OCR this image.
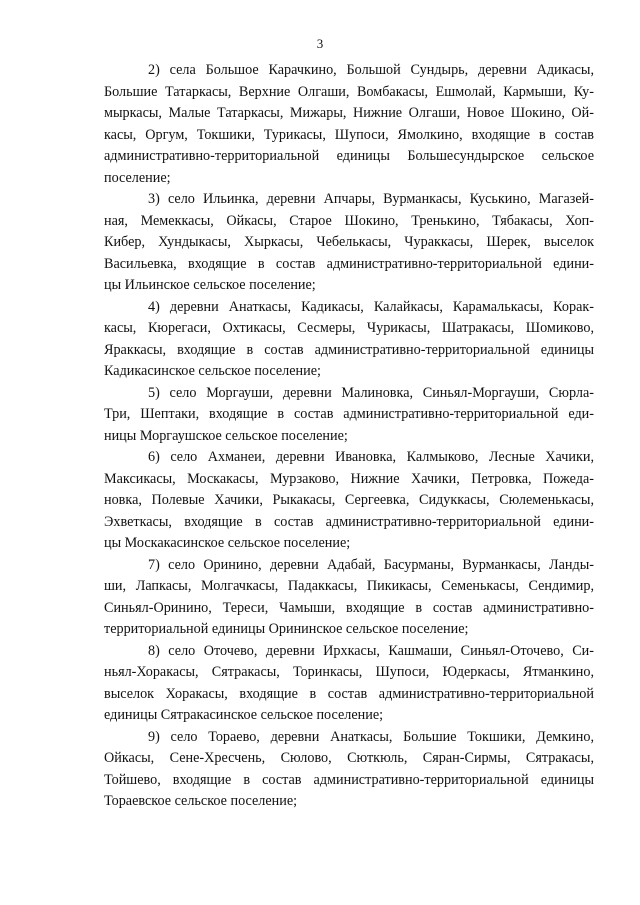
3
2) села Большое Карачкино, Большой Сундырь, деревни Адикасы,
Большие Татаркасы, Верхние Олгаши, Вомбакасы, Ешмолай, Кармыши, Ку-
мыркасы, Малые Татаркасы, Мижары, Нижние Олгаши, Новое Шокино, Ой-
касы, Оргум, Токшики, Турикасы, Шупоси, Ямолкино, входящие в состав
административно-территориальной единицы Большесундырское сельское
поселение;
3) село Ильинка, деревни Апчары, Вурманкасы, Куськино, Магазей-
ная, Мемеккасы, Ойкасы, Старое Шокино, Тренькино, Тябакасы, Хоп-
Кибер, Хундыкасы, Хыркасы, Чебелькасы, Чураккасы, Шерек, выселок
Васильевка, входящие в состав административно-территориальной едини-
цы Ильинское сельское поселение;
4) деревни Анаткасы, Кадикасы, Калайкасы, Карамалькасы, Корак-
касы, Кюрегаси, Охтикасы, Сесмеры, Чурикасы, Шатракасы, Шомиково,
Яраккасы, входящие в состав административно-территориальной единицы
Кадикасинское сельское поселение;
5) село Моргауши, деревни Малиновка, Синьял-Моргауши, Сюрла-
Три, Шептаки, входящие в состав административно-территориальной еди-
ницы Моргаушское сельское поселение;
6) село Ахманеи, деревни Ивановка, Калмыково, Лесные Хачики,
Максикасы, Москакасы, Мурзаково, Нижние Хачики, Петровка, Пожеда-
новка, Полевые Хачики, Рыкакасы, Сергеевка, Сидуккасы, Сюлеменькасы,
Эхветкасы, входящие в состав административно-территориальной едини-
цы Москакасинское сельское поселение;
7) село Оринино, деревни Адабай, Басурманы, Вурманкасы, Ланды-
ши, Лапкасы, Молгачкасы, Падаккасы, Пикикасы, Семенькасы, Сендимир,
Синьял-Оринино, Тереси, Чамыши, входящие в состав административно-
территориальной единицы Орининское сельское поселение;
8) село Оточево, деревни Ирхкасы, Кашмаши, Синьял-Оточево, Си-
ньял-Хоракасы, Сятракасы, Торинкасы, Шупоси, Юдеркасы, Ятманкино,
выселок Хоракасы, входящие в состав административно-территориальной
единицы Сятракасинское сельское поселение;
9) село Тораево, деревни Анаткасы, Большие Токшики, Демкино,
Ойкасы, Сене-Хресчень, Сюлово, Сюткюль, Сяран-Сирмы, Сятракасы,
Тойшево, входящие в состав административно-территориальной единицы
Тораевское сельское поселение;
